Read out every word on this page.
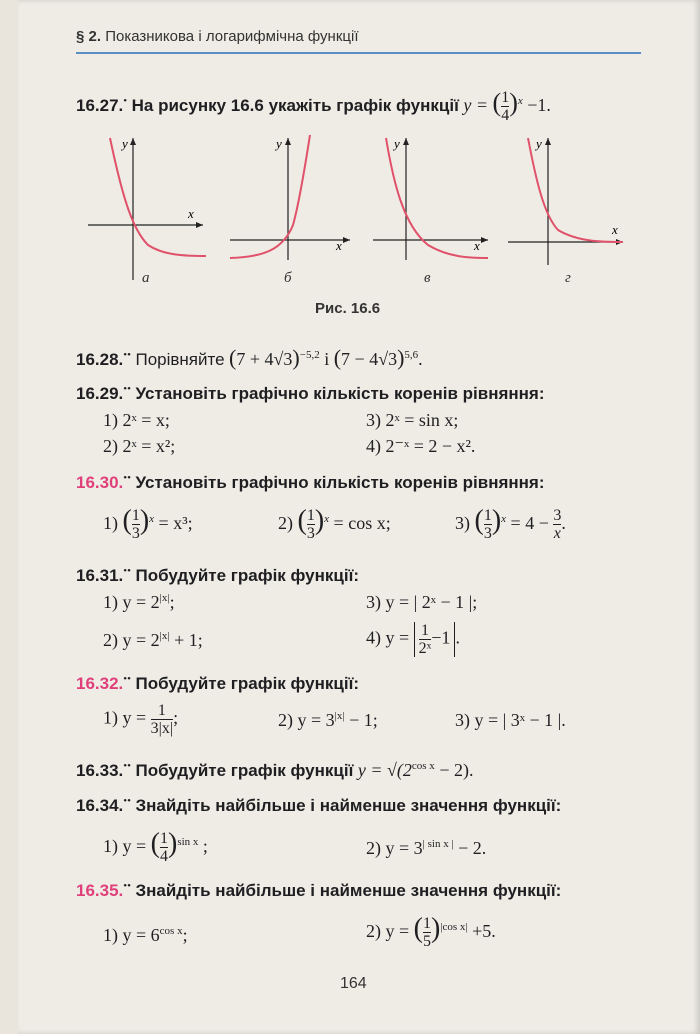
§ 2. Показникова і логарифмічна функції
16.27.• На рисунку 16.6 укажіть графік функції y = ( $\frac{1}{4} )^x -1$.
y
x
y
x
y
x
y
x
а	б	в	г
Рис. 16.6
16.28.•• Порівняйте $(7 + 4√3)^{-5,2}$ і $(7 - 4√3)^{5,6}$.
16.29.•• Установіть графічно кількість коренів рівняння:
1) 2ˣ = x;	3) 2ˣ = sin x;
2) 2ˣ = x²;	4) 2⁻ˣ = 2 − x².
16.30.•• Установіть графічно кількість коренів рівняння:
1) ( $\frac{1}{3} )^x = x^3$;	2) ( $\frac{1}{3} )^x = \cos x$;	3) ( $\frac{1}{3} )^x = 4 - \frac{3}{x}$ .
16.31.•• Побудуйте графік функції:
1) $y = 2^{|x|}$;	3) y = | 2ˣ − 1 |;
2) $y = 2^{|x|} + 1$;	4) $y = \frac{1}{\text{2ˣ}} -1$ .
16.32.•• Побудуйте графік функції:
1) $y = \frac{1}{3|x|}$ ;	2) $y = 3^{|x|} - 1$;	3) y = | 3ˣ − 1 |.
16.33.•• Побудуйте графік функції $y = √(2^{cos x} - 2)$.
16.34.•• Знайдіть найбільше і найменше значення функції:
1) y = ( $\frac{1}{4} )^{sin x}$ ;	2) $y = 3^{| sin x |} - 2$.
16.35.•• Знайдіть найбільше і найменше значення функції:
1) $y = 6^{cos x}$;	2) y = ( $\frac{1}{5} )^{|cos x|} +5$.
164
